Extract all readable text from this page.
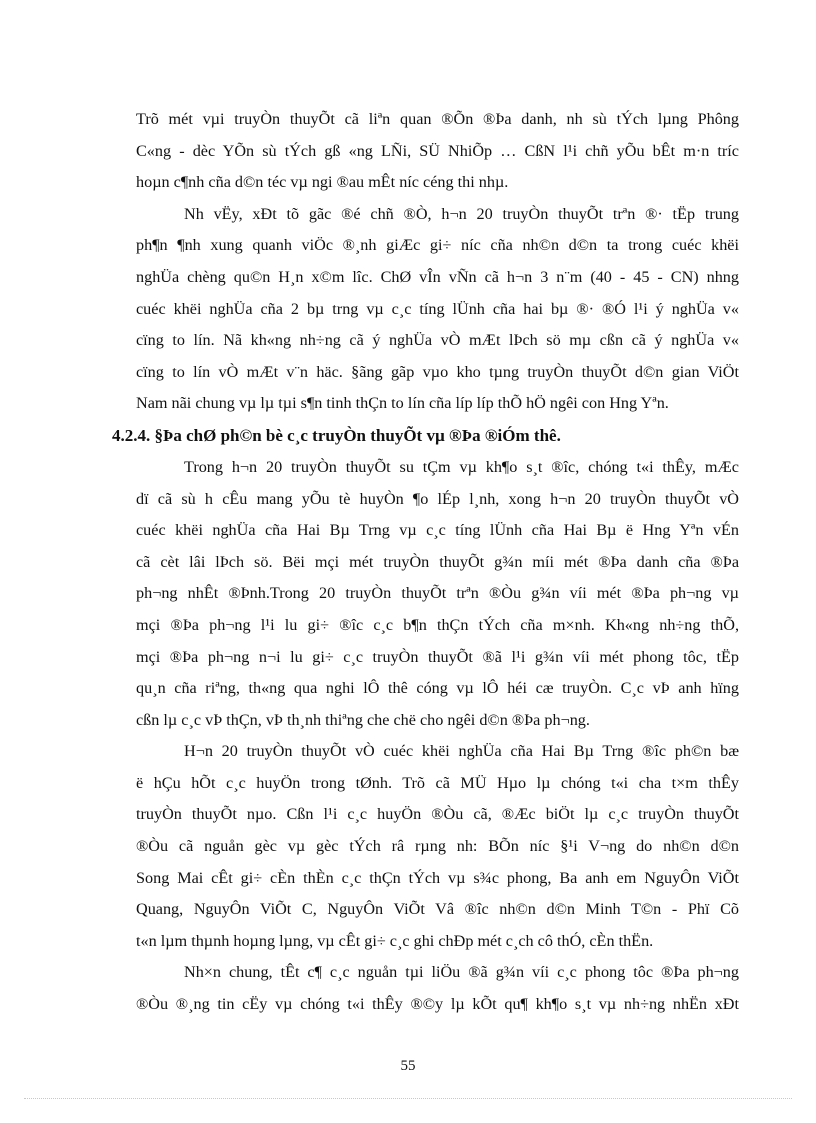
Trõ mét vµi truyÒn thuyÕt cã liªn quan ®Õn ®Þa danh, nh sù tÝch lµng Phông
C«ng - dèc YÕn sù tÝch gß «ng LÑi, SÜ NhiÕp … CßN l¹i chñ yÕu bÊt m·n tríc
hoµn c¶nh cña d©n téc vµ ngi ®au mÊt níc céng thi nhµ.
Nh vËy, xÐt tõ gãc ®é chñ ®Ò, h¬n 20 truyÒn thuyÕt trªn ®· tËp trung
ph¶n ¶nh xung quanh viÖc ®¸nh giÆc gi÷ níc cña nh©n d©n ta trong cuéc khëi
nghÜa chèng qu©n H¸n x©m lîc. ChØ vÎn vÑn cã h¬n 3 n¨m (40 - 45 - CN) nhng
cuéc khëi nghÜa cña 2 bµ trng vµ c¸c tíng lÜnh cña hai bµ ®· ®Ó l¹i ý nghÜa v«
cïng to lín. Nã kh«ng nh÷ng cã ý nghÜa vÒ mÆt lÞch sö mµ cßn cã ý nghÜa v«
cïng to lín vÒ mÆt v¨n häc. §ãng gãp vµo kho tµng truyÒn thuyÕt d©n gian ViÖt
Nam nãi chung vµ lµ tµi s¶n tinh thÇn to lín cña líp líp thÕ hÖ ngêi con Hng Yªn.
4.2.4. §Þa chØ ph©n bè c¸c truyÒn thuyÕt vµ ®Þa ®iÓm thê.
Trong h¬n 20 truyÒn thuyÕt su tÇm vµ kh¶o s¸t ®îc, chóng t«i thÊy, mÆc
dï cã sù h cÊu mang yÕu tè huyÒn ¶o lÉp l¸nh, xong h¬n 20 truyÒn thuyÕt vÒ
cuéc khëi nghÜa cña Hai Bµ Trng vµ c¸c tíng lÜnh cña Hai Bµ ë Hng Yªn vÉn
cã cèt lâi lÞch sö. Bëi mçi mét truyÒn thuyÕt g¾n míi mét ®Þa danh cña ®Þa
ph¬ng nhÊt ®Þnh.Trong 20 truyÒn thuyÕt trªn ®Òu g¾n víi mét ®Þa ph¬ng vµ
mçi ®Þa ph¬ng l¹i lu gi÷ ®îc c¸c b¶n thÇn tÝch cña m×nh. Kh«ng nh÷ng thÕ,
mçi ®Þa ph¬ng n¬i lu gi÷ c¸c truyÒn thuyÕt ®ã l¹i g¾n víi mét phong tôc, tËp
qu¸n cña riªng, th«ng qua nghi lÔ thê cóng vµ lÔ héi cæ truyÒn. C¸c vÞ anh hïng
cßn lµ c¸c vÞ thÇn, vÞ th¸nh thiªng che chë cho ngêi d©n ®Þa ph¬ng.
H¬n 20 truyÒn thuyÕt vÒ cuéc khëi nghÜa cña Hai Bµ Trng ®îc ph©n bæ
ë hÇu hÕt c¸c huyÖn trong tØnh. Trõ cã MÜ Hµo lµ chóng t«i cha t×m thÊy
truyÒn thuyÕt nµo. Cßn l¹i c¸c huyÖn ®Òu cã, ®Æc biÖt lµ c¸c truyÒn thuyÕt
®Òu cã nguån gèc vµ gèc tÝch râ rµng nh: BÕn níc §¹i V¬ng do nh©n d©n
Song Mai cÊt gi÷ cÈn thÈn c¸c thÇn tÝch vµ s¾c phong, Ba anh em NguyÔn ViÕt
Quang, NguyÔn ViÕt C, NguyÔn ViÕt Vâ ®îc nh©n d©n Minh T©n - Phï Cõ
t«n lµm thµnh hoµng lµng, vµ cÊt gi÷ c¸c ghi chÐp mét c¸ch cô thÓ, cÈn thËn.
Nh×n chung, tÊt c¶ c¸c nguån tµi liÖu ®ã g¾n víi c¸c phong tôc ®Þa ph¬ng
®Òu ®¸ng tin cËy vµ chóng t«i thÊy ®©y lµ kÕt qu¶ kh¶o s¸t vµ nh÷ng nhËn xÐt
55
